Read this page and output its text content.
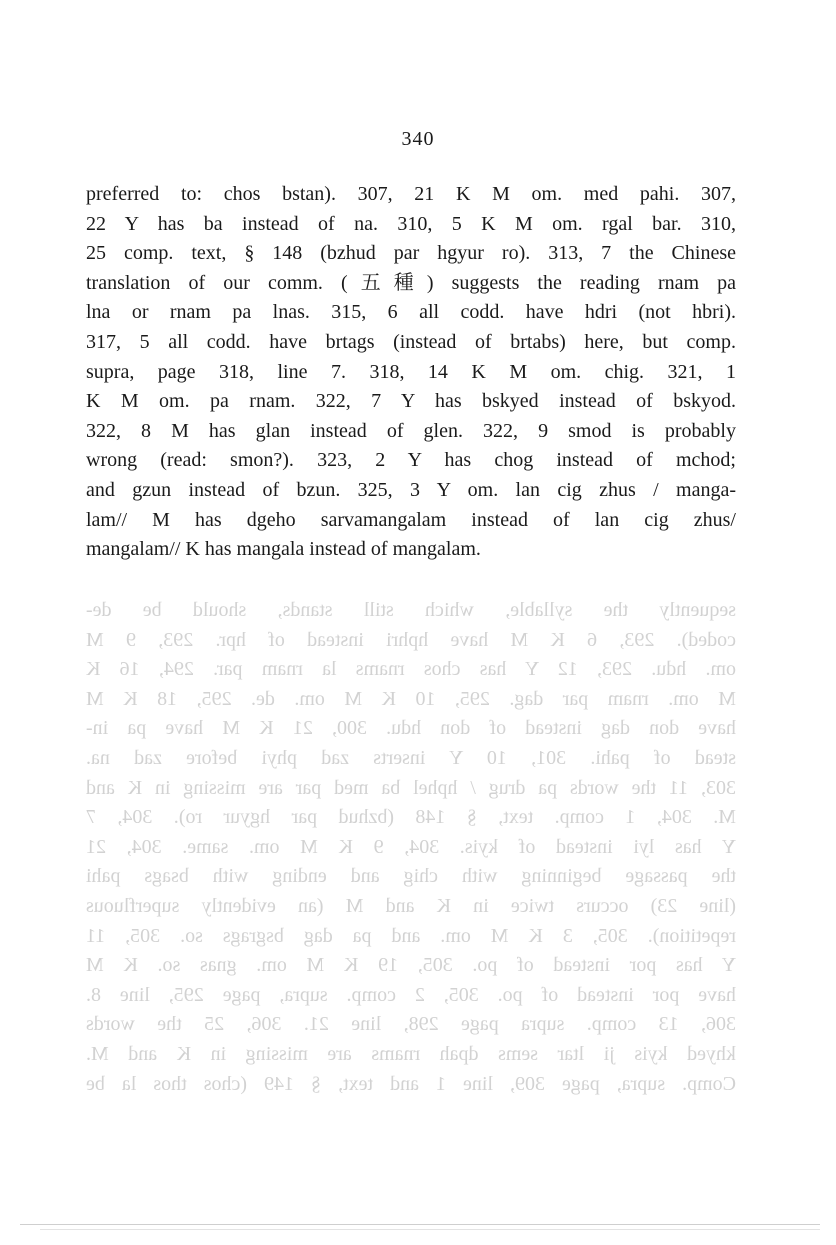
340
preferred to: chos bstan). 307, 21 K M om. med pahi. 307,
22 Y has ba instead of na. 310, 5 K M om. rgal bar. 310,
25 comp. text, § 148 (bzhud par hgyur ro). 313, 7 the Chinese
translation of our comm. (五種) suggests the reading rnam pa
lna or rnam pa lnas. 315, 6 all codd. have hdri (not hbri).
317, 5 all codd. have brtags (instead of brtabs) here, but comp.
supra, page 318, line 7. 318, 14 K M om. chig. 321, 1
K M om. pa rnam. 322, 7 Y has bskyed instead of bskyod.
322, 8 M has glan instead of glen. 322, 9 smod is probably
wrong (read: smon?). 323, 2 Y has chog instead of mchod;
and gzun instead of bzun. 325, 3 Y om. lan cig zhus / manga-
lam// M has dgeho sarvamangalam instead of lan cig zhus/
mangalam// K has mangala instead of mangalam.
sequently the syllable, which still stands, should be de-
coded). 293, 6 K M have hphri instead of hpr. 293, 9 M
om. hdu. 293, 12 Y has chos rnams la rnam par. 294, 16 K
M om. rnam par dag. 295, 10 K M om. de. 295, 18 K M
have don dag instead of don hdu. 300, 21 K M have pa in-
stead of pahi. 301, 10 Y inserts zad phyi before zad na.
303, 11 the words pa drug / hphel ba med par are missing in K and
M. 304, 1 comp. text, § 148 (bzhud par hgyur ro). 304, 7
Y has lyi instead of kyis. 304, 9 K M om. same. 304, 21
the passage beginning with chig and ending with bsags pahi
(line 23) occurs twice in K and M (an evidently superfluous
repetition). 305, 3 K M om. and pa dag bsgrags so. 305, 11
Y has por instead of po. 305, 19 K M om. gnas so. K M
have por instead of po. 305, 2 comp. supra, page 295, line 8.
306, 13 comp. supra page 298, line 21. 306, 25 the words
khyed kyis ji ltar sems dpah rnams are missing in K and M.
Comp. supra, page 309, line 1 and text, § 149 (chos thos la be
